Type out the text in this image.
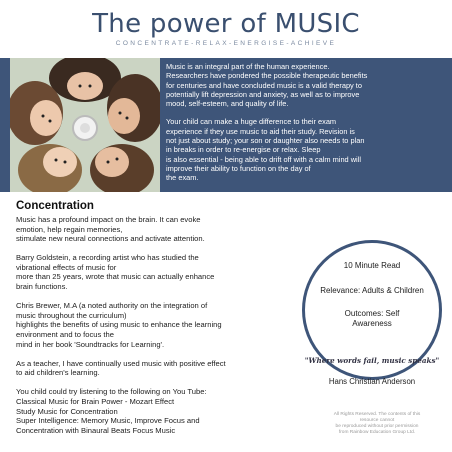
The power of MUSIC
CONCENTRATE-RELAX-ENERGISE-ACHIEVE

Music is an integral part of the human experience.
Researchers have pondered the possible therapeutic benefits
for centuries and have concluded music is a valid therapy to
potentially lift depression and anxiety, as well as to improve
mood, self-esteem, and quality of life.

Your child can make a huge difference to their exam
experience if they use music to aid their study. Revision is
not just about study; your son or daughter also needs to plan
in breaks in order to re-energise or relax. Sleep
is also essential - being able to drift off with a calm mind will
improve their ability to function on the day of
the exam.

Concentration

Music has a profound impact on the brain. It can evoke
emotion, help regain memories,
stimulate new neural connections and activate attention.

Barry Goldstein, a recording artist who has studied the
vibrational effects of music for
more than 25 years, wrote that music can actually enhance
brain functions.

Chris Brewer, M.A (a noted authority on the integration of
music throughout the curriculum)
highlights the benefits of using music to enhance the learning
environment and to focus the
mind in her book 'Soundtracks for Learning'.

As a teacher, I have continually used music with positive effect
to aid children's learning.

You child could try listening to the following on You Tube:
Classical Music for Brain Power - Mozart Effect
Study Music for Concentration
Super Intelligence: Memory Music, Improve Focus and
Concentration with Binaural Beats Focus Music

10 Minute Read
Relevance: Adults & Children
Outcomes: Self
Awareness
"Where words fail, music speaks"
Hans Christian Anderson
All Rights Reserved. The contents of this
resource cannot
be reproduced without prior permission
from Rainbow Education Group Ltd.
